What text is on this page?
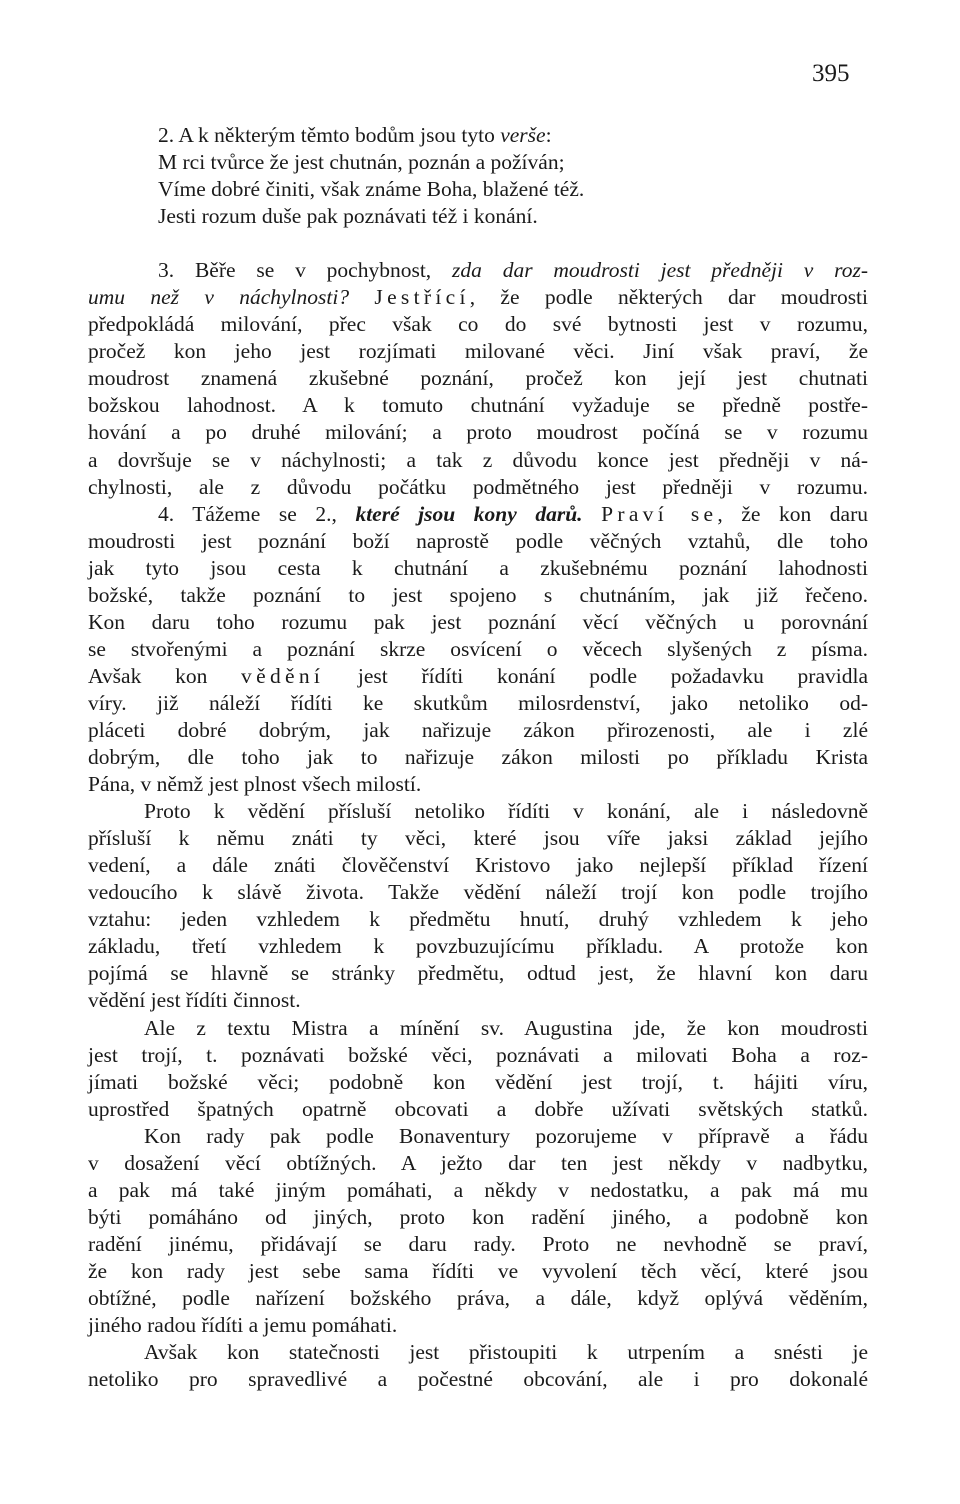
395
2. A k některým těmto bodům jsou tyto verše:
M rci tvůrce že jest chutnán, poznán a požíván;
Víme dobré činiti, však známe Boha, blažené též.
Jesti rozum duše pak poznávati též i konání.
3. Běře se v pochybnost, zda dar moudrosti jest předněji v roz-
umu než v náchylnosti? Jestřící, že podle některých dar moudrosti
předpokládá milování, přec však co do své bytnosti jest v rozumu,
pročež kon jeho jest rozjímati milované věci. Jiní však praví, že
moudrost znamená zkušebné poznání, pročež kon její jest chutnati
božskou lahodnost. A k tomuto chutnání vyžaduje se předně postře-
hování a po druhé milování; a proto moudrost počíná se v rozumu
a dovršuje se v náchylnosti; a tak z důvodu konce jest předněji v ná-
chylnosti, ale z důvodu počátku podmětného jest předněji v rozumu.
4. Tážeme se 2., které jsou kony darů. Praví se, že kon daru
moudrosti jest poznání boží naprostě podle věčných vztahů, dle toho
jak tyto jsou cesta k chutnání a zkušebnému poznání lahodnosti
božské, takže poznání to jest spojeno s chutnáním, jak již řečeno.
Kon daru toho rozumu pak jest poznání věcí věčných u porovnání
se stvořenými a poznání skrze osvícení o věcech slyšených z písma.
Avšak kon vědění jest řídíti konání podle požadavku pravidla
víry. již náleží řídíti ke skutkům milosrdenství, jako netoliko od-
pláceti dobré dobrým, jak nařizuje zákon přirozenosti, ale i zlé
dobrým, dle toho jak to nařizuje zákon milosti po příkladu Krista
Pána, v němž jest plnost všech milostí.
Proto k vědění přísluší netoliko řídíti v konání, ale i následovně
přísluší k němu znáti ty věci, které jsou víře jaksi základ jejího
vedení, a dále znáti člověčenství Kristovo jako nejlepší příklad řízení
vedoucího k slávě života. Takže vědění náleží trojí kon podle trojího
vztahu: jeden vzhledem k předmětu hnutí, druhý vzhledem k jeho
základu, třetí vzhledem k povzbuzujícímu příkladu. A protože kon
pojímá se hlavně se stránky předmětu, odtud jest, že hlavní kon daru
vědění jest řídíti činnost.
Ale z textu Mistra a mínění sv. Augustina jde, že kon moudrosti
jest trojí, t. poznávati božské věci, poznávati a milovati Boha a roz-
jímati božské věci; podobně kon vědění jest trojí, t. hájiti víru,
uprostřed špatných opatrně obcovati a dobře užívati světských statků.
Kon rady pak podle Bonaventury pozorujeme v přípravě a řádu
v dosažení věcí obtížných. A ježto dar ten jest někdy v nadbytku,
a pak má také jiným pomáhati, a někdy v nedostatku, a pak má mu
býti pomáháno od jiných, proto kon radění jiného, a podobně kon
radění jinému, přidávají se daru rady. Proto ne nevhodně se praví,
že kon rady jest sebe sama řídíti ve vyvolení těch věcí, které jsou
obtížné, podle nařízení božského práva, a dále, když oplývá věděním,
jiného radou řídíti a jemu pomáhati.
Avšak kon statečnosti jest přistoupiti k utrpením a snésti je
netoliko pro spravedlivé a počestné obcování, ale i pro dokonalé
